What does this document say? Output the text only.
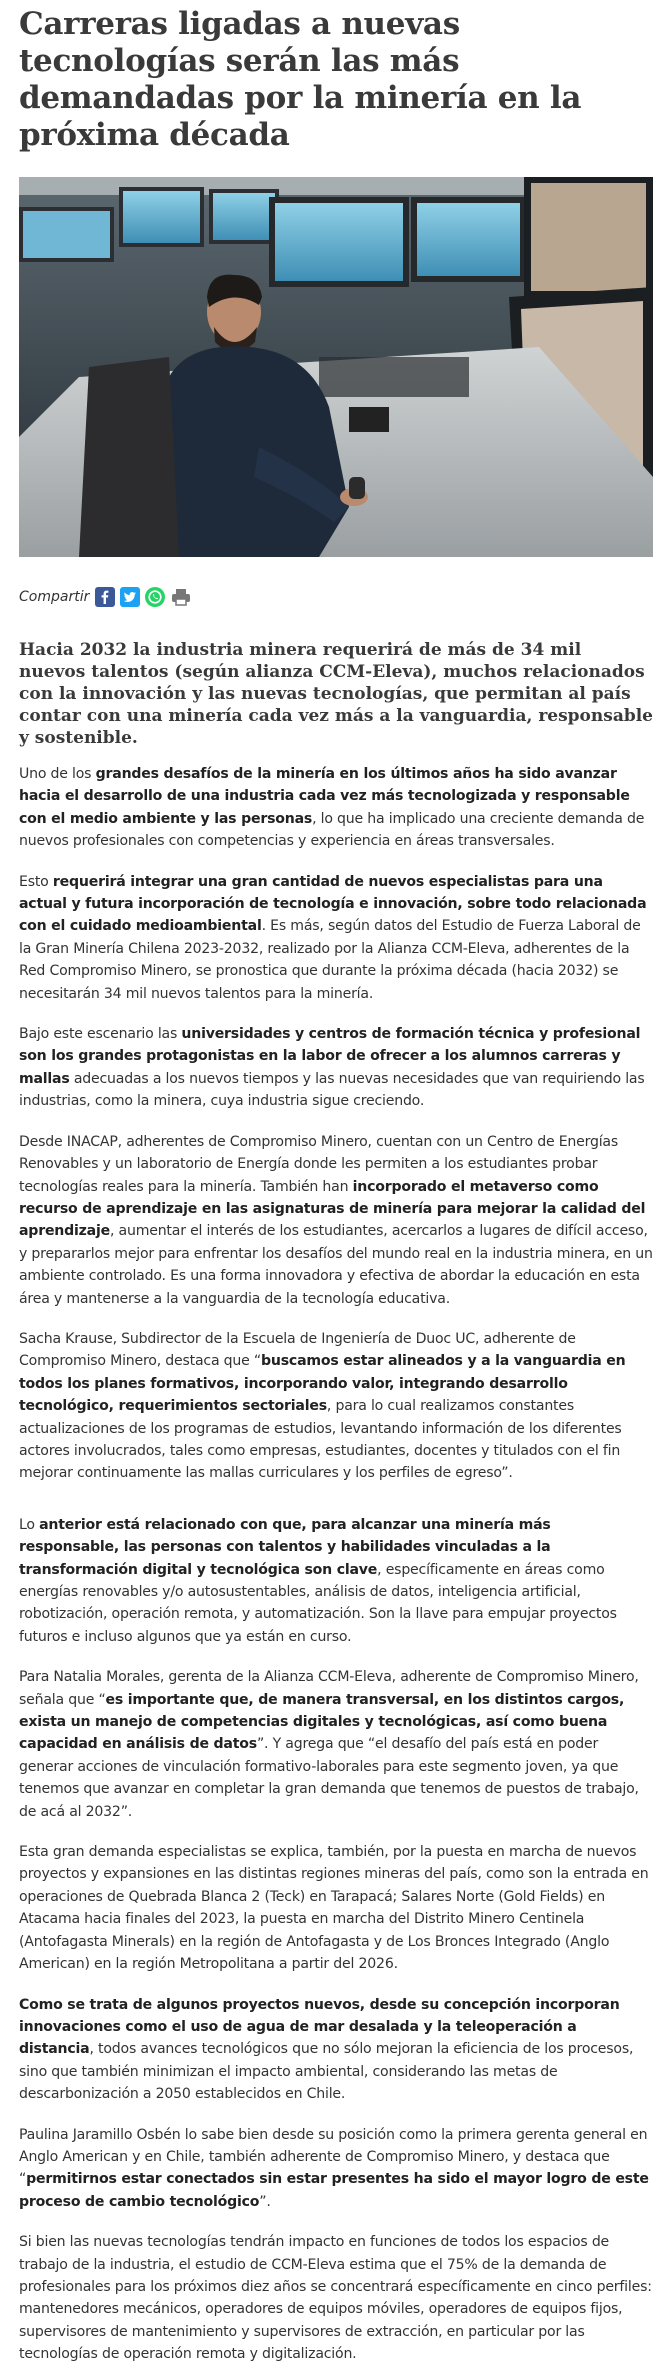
Carreras ligadas a nuevas tecnologías serán las más demandadas por la minería en la próxima década
Compartir

Hacia 2032 la industria minera requerirá de más de 34 mil nuevos talentos (según alianza CCM-Eleva), muchos relacionados con la innovación y las nuevas tecnologías, que permitan al país contar con una minería cada vez más a la vanguardia, responsable y sostenible.

Uno de los grandes desafíos de la minería en los últimos años ha sido avanzar hacia el desarrollo de una industria cada vez más tecnologizada y responsable con el medio ambiente y las personas, lo que ha implicado una creciente demanda de nuevos profesionales con competencias y experiencia en áreas transversales.

Esto requerirá integrar una gran cantidad de nuevos especialistas para una actual y futura incorporación de tecnología e innovación, sobre todo relacionada con el cuidado medioambiental. Es más, según datos del Estudio de Fuerza Laboral de la Gran Minería Chilena 2023-2032, realizado por la Alianza CCM-Eleva, adherentes de la Red Compromiso Minero, se pronostica que durante la próxima década (hacia 2032) se necesitarán 34 mil nuevos talentos para la minería.

Bajo este escenario las universidades y centros de formación técnica y profesional son los grandes protagonistas en la labor de ofrecer a los alumnos carreras y mallas adecuadas a los nuevos tiempos y las nuevas necesidades que van requiriendo las industrias, como la minera, cuya industria sigue creciendo.

Desde INACAP, adherentes de Compromiso Minero, cuentan con un Centro de Energías Renovables y un laboratorio de Energía donde les permiten a los estudiantes probar tecnologías reales para la minería. También han incorporado el metaverso como recurso de aprendizaje en las asignaturas de minería para mejorar la calidad del aprendizaje, aumentar el interés de los estudiantes, acercarlos a lugares de difícil acceso, y prepararlos mejor para enfrentar los desafíos del mundo real en la industria minera, en un ambiente controlado. Es una forma innovadora y efectiva de abordar la educación en esta área y mantenerse a la vanguardia de la tecnología educativa.

Sacha Krause, Subdirector de la Escuela de Ingeniería de Duoc UC, adherente de Compromiso Minero, destaca que “buscamos estar alineados y a la vanguardia en todos los planes formativos, incorporando valor, integrando desarrollo tecnológico, requerimientos sectoriales, para lo cual realizamos constantes actualizaciones de los programas de estudios, levantando información de los diferentes actores involucrados, tales como empresas, estudiantes, docentes y titulados con el fin mejorar continuamente las mallas curriculares y los perfiles de egreso”.

Lo anterior está relacionado con que, para alcanzar una minería más responsable, las personas con talentos y habilidades vinculadas a la transformación digital y tecnológica son clave, específicamente en áreas como energías renovables y/o autosustentables, análisis de datos, inteligencia artificial, robotización, operación remota, y automatización. Son la llave para empujar proyectos futuros e incluso algunos que ya están en curso.

Para Natalia Morales, gerenta de la Alianza CCM-Eleva, adherente de Compromiso Minero, señala que “es importante que, de manera transversal, en los distintos cargos, exista un manejo de competencias digitales y tecnológicas, así como buena capacidad en análisis de datos”. Y agrega que “el desafío del país está en poder generar acciones de vinculación formativo-laborales para este segmento joven, ya que tenemos que avanzar en completar la gran demanda que tenemos de puestos de trabajo, de acá al 2032”.

Esta gran demanda especialistas se explica, también, por la puesta en marcha de nuevos proyectos y expansiones en las distintas regiones mineras del país, como son la entrada en operaciones de Quebrada Blanca 2 (Teck) en Tarapacá; Salares Norte (Gold Fields) en Atacama hacia finales del 2023, la puesta en marcha del Distrito Minero Centinela (Antofagasta Minerals) en la región de Antofagasta y de Los Bronces Integrado (Anglo American) en la región Metropolitana a partir del 2026.

Como se trata de algunos proyectos nuevos, desde su concepción incorporan innovaciones como el uso de agua de mar desalada y la teleoperación a distancia, todos avances tecnológicos que no sólo mejoran la eficiencia de los procesos, sino que también minimizan el impacto ambiental, considerando las metas de descarbonización a 2050 establecidos en Chile.

Paulina Jaramillo Osbén lo sabe bien desde su posición como la primera gerenta general en Anglo American y en Chile, también adherente de Compromiso Minero, y destaca que “permitirnos estar conectados sin estar presentes ha sido el mayor logro de este proceso de cambio tecnológico”.

Si bien las nuevas tecnologías tendrán impacto en funciones de todos los espacios de trabajo de la industria, el estudio de CCM-Eleva estima que el 75% de la demanda de profesionales para los próximos diez años se concentrará específicamente en cinco perfiles: mantenedores mecánicos, operadores de equipos móviles, operadores de equipos fijos, supervisores de mantenimiento y supervisores de extracción, en particular por las tecnologías de operación remota y digitalización.
